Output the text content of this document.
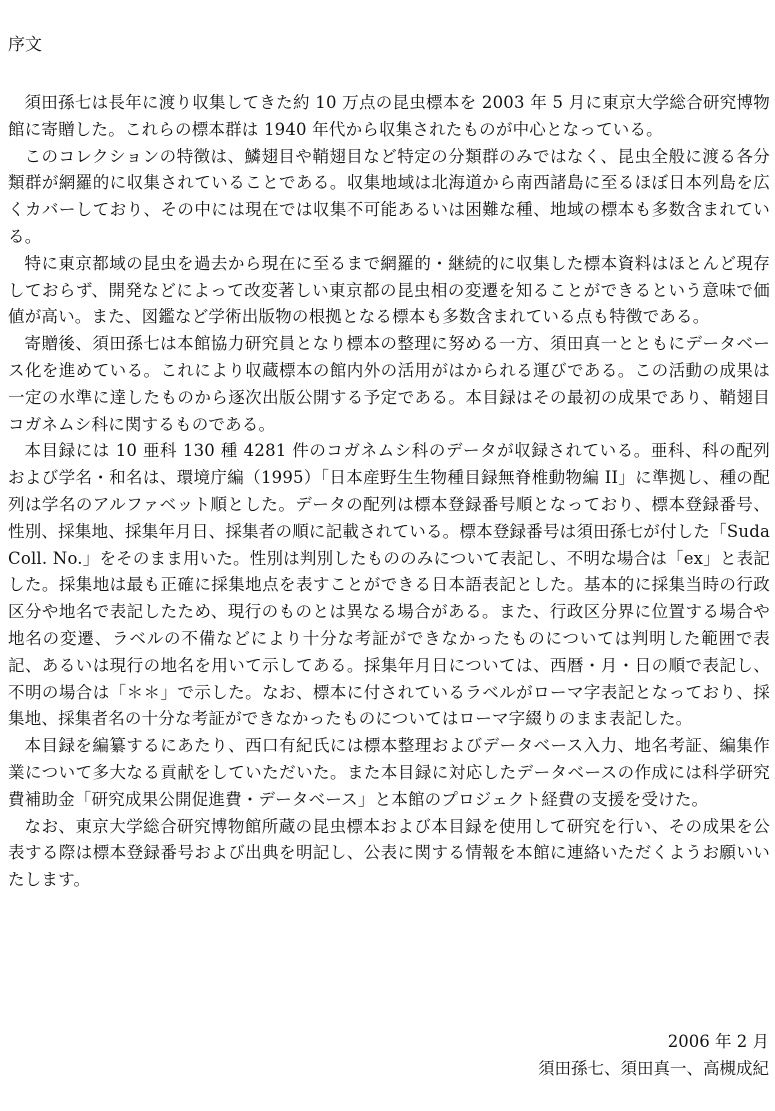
序文

須田孫七は長年に渡り収集してきた約 10 万点の昆虫標本を 2003 年 5 月に東京大学総合研究博物館に寄贈した。これらの標本群は 1940 年代から収集されたものが中心となっている。

このコレクションの特徴は、鱗翅目や鞘翅目など特定の分類群のみではなく、昆虫全般に渡る各分類群が網羅的に収集されていることである。収集地域は北海道から南西諸島に至るほぼ日本列島を広くカバーしており、その中には現在では収集不可能あるいは困難な種、地域の標本も多数含まれている。

特に東京都域の昆虫を過去から現在に至るまで網羅的・継続的に収集した標本資料はほとんど現存しておらず、開発などによって改変著しい東京都の昆虫相の変遷を知ることができるという意味で価値が高い。また、図鑑など学術出版物の根拠となる標本も多数含まれている点も特徴である。

寄贈後、須田孫七は本館協力研究員となり標本の整理に努める一方、須田真一とともにデータベース化を進めている。これにより収蔵標本の館内外の活用がはかられる運びである。この活動の成果は一定の水準に達したものから逐次出版公開する予定である。本目録はその最初の成果であり、鞘翅目コガネムシ科に関するものである。

本目録には 10 亜科 130 種 4281 件のコガネムシ科のデータが収録されている。亜科、科の配列および学名・和名は、環境庁編（1995）「日本産野生生物種目録無脊椎動物編 II」に準拠し、種の配列は学名のアルファベット順とした。データの配列は標本登録番号順となっており、標本登録番号、性別、採集地、採集年月日、採集者の順に記載されている。標本登録番号は須田孫七が付した「Suda Coll. No.」をそのまま用いた。性別は判別したもののみについて表記し、不明な場合は「ex」と表記した。採集地は最も正確に採集地点を表すことができる日本語表記とした。基本的に採集当時の行政区分や地名で表記したため、現行のものとは異なる場合がある。また、行政区分界に位置する場合や地名の変遷、ラベルの不備などにより十分な考証ができなかったものについては判明した範囲で表記、あるいは現行の地名を用いて示してある。採集年月日については、西暦・月・日の順で表記し、不明の場合は「＊＊」で示した。なお、標本に付されているラベルがローマ字表記となっており、採集地、採集者名の十分な考証ができなかったものについてはローマ字綴りのまま表記した。

本目録を編纂するにあたり、西口有紀氏には標本整理およびデータベース入力、地名考証、編集作業について多大なる貢献をしていただいた。また本目録に対応したデータベースの作成には科学研究費補助金「研究成果公開促進費・データベース」と本館のプロジェクト経費の支援を受けた。

なお、東京大学総合研究博物館所蔵の昆虫標本および本目録を使用して研究を行い、その成果を公表する際は標本登録番号および出典を明記し、公表に関する情報を本館に連絡いただくようお願いいたします。

2006 年 2 月
須田孫七、須田真一、高槻成紀
